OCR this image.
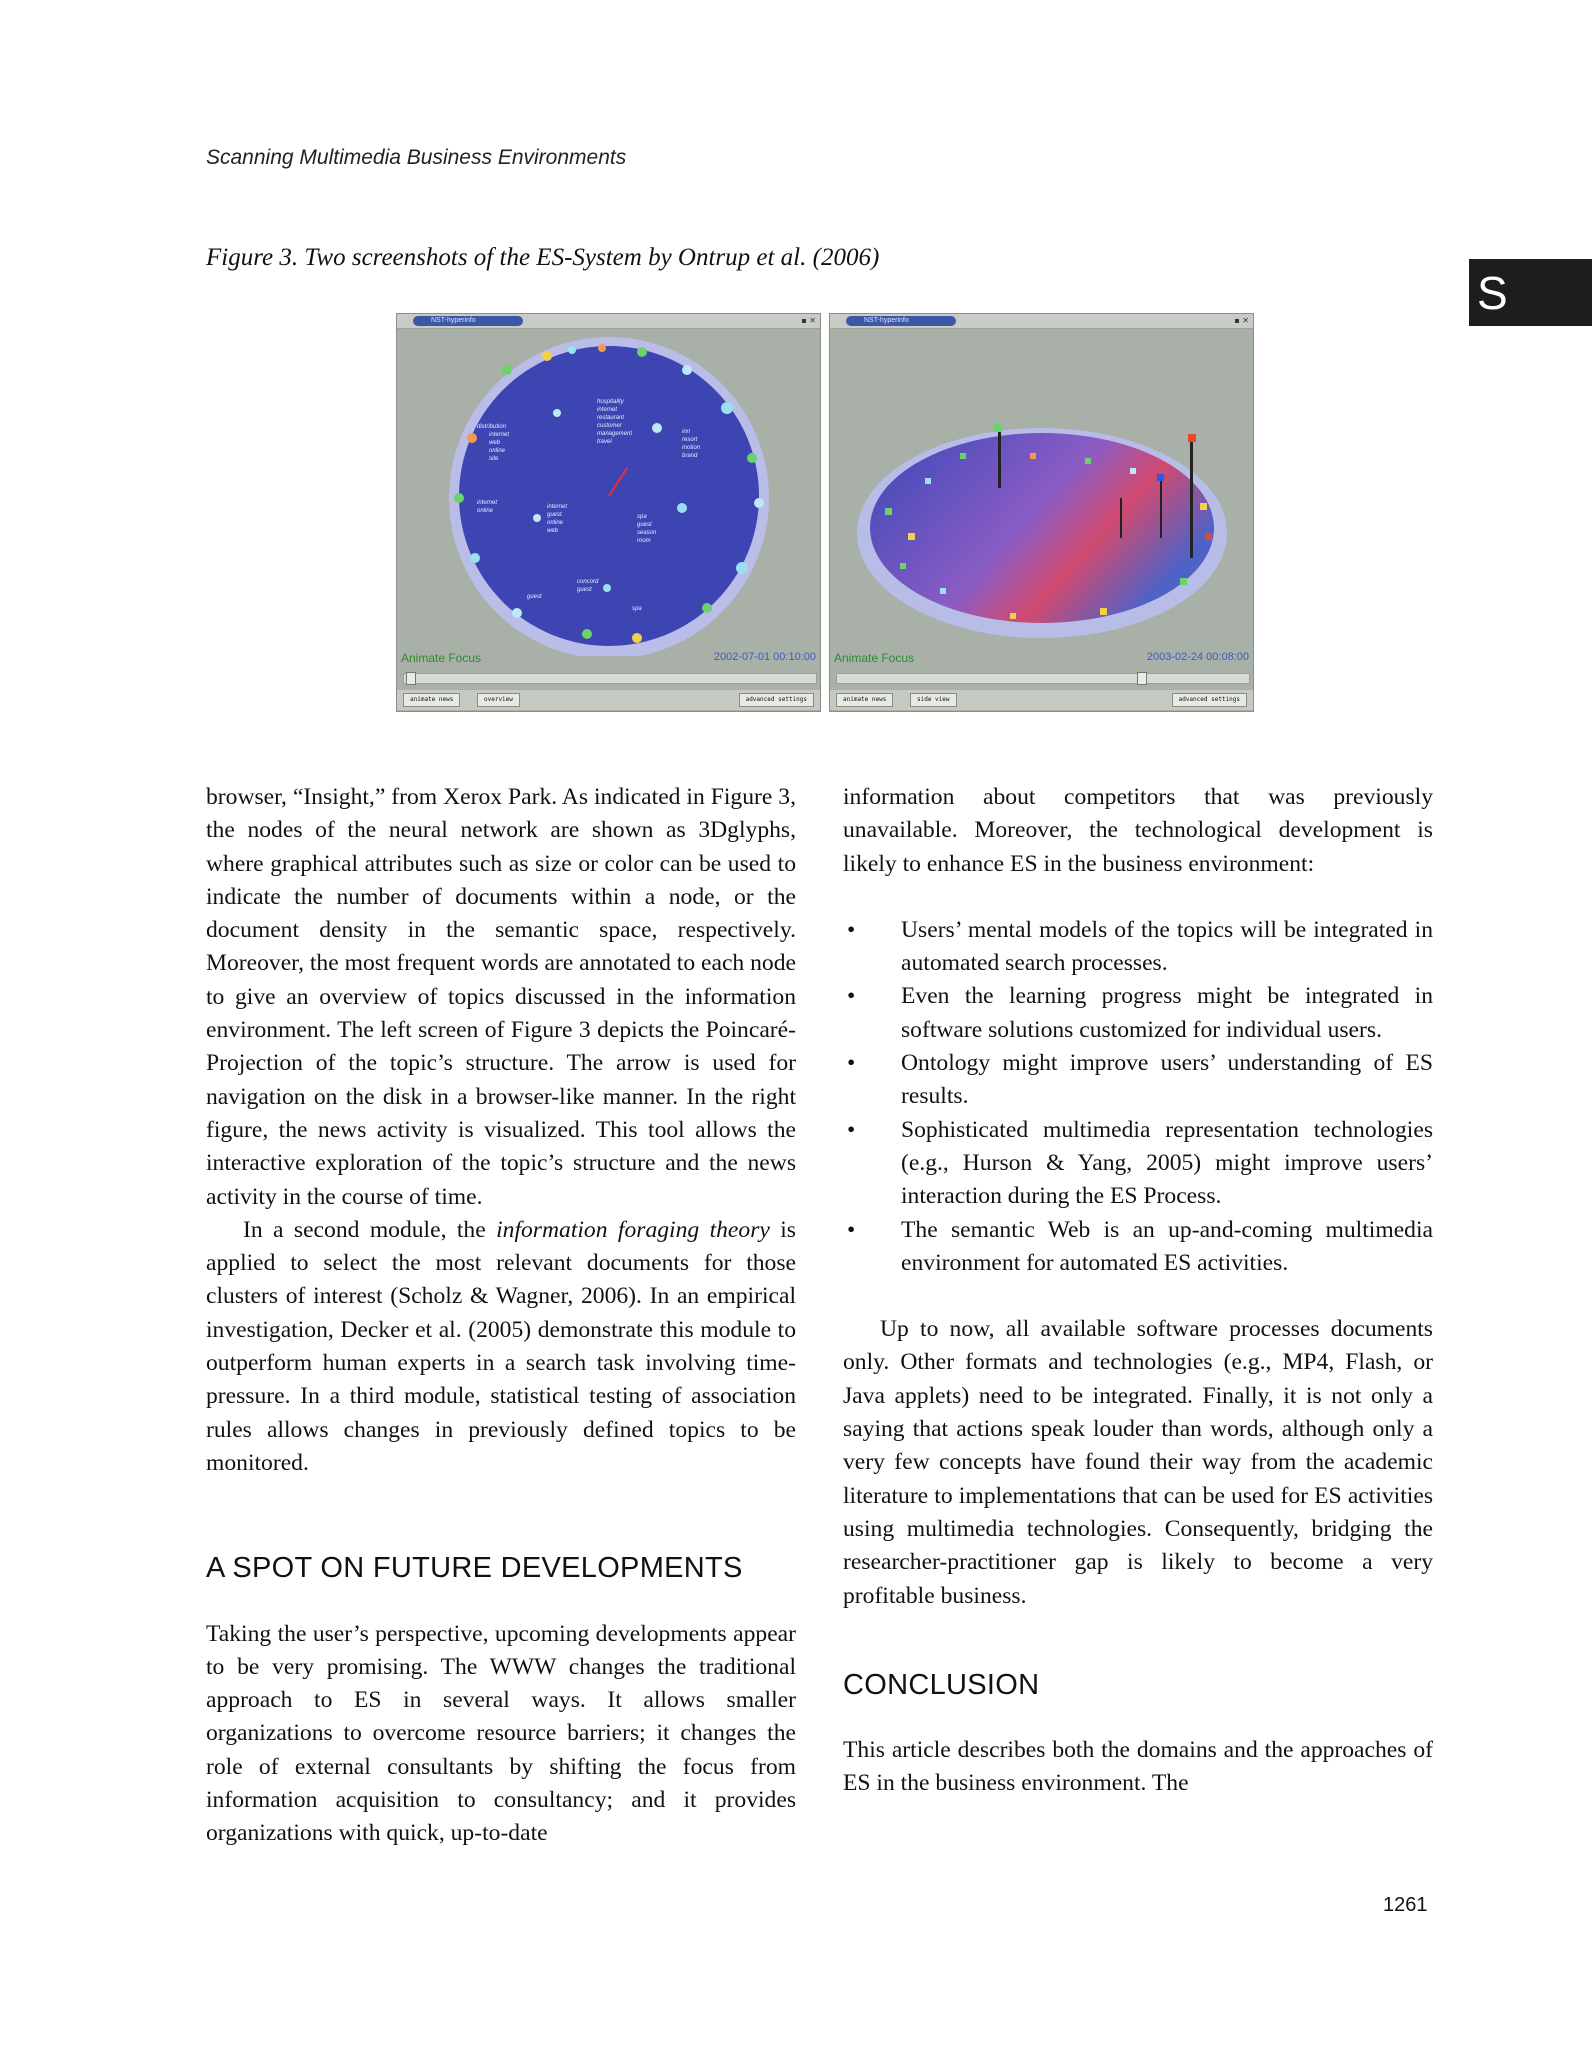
Scanning Multimedia Business Environments
S
Figure 3. Two screenshots of the ES-System by Ontrup et al. (2006)
NST-hyperinfo	▪ ✕
hospitality
internet
restaurant
customer
management
travel
distribution
internet
web
online
site
inn
resort
motion
brand
internet
guest
online
web
spa
guest
season
room
internet
online
concord
guest
spa
guest
Animate Focus	2002-07-01 00:10:00
animate news	overview	advanced settings
NST-hyperinfo	▪ ✕
Animate Focus	2003-02-24 00:08:00
animate news	side view	advanced settings

browser, “Insight,” from Xerox Park. As indicated in Figure 3, the nodes of the neural network are shown as 3Dglyphs, where graphical attributes such as size or color can be used to indicate the number of documents within a node, or the document density in the semantic space, respectively. Moreover, the most frequent words are annotated to each node to give an overview of topics discussed in the information environment. The left screen of Figure 3 depicts the Poincaré-Projection of the topic’s structure. The arrow is used for navigation on the disk in a browser-like manner. In the right figure, the news activity is visualized. This tool allows the interactive exploration of the topic’s structure and the news activity in the course of time.

In a second module, the information foraging theory is applied to select the most relevant documents for those clusters of interest (Scholz & Wagner, 2006). In an empirical investigation, Decker et al. (2005) demonstrate this module to outperform human experts in a search task involving time-pressure. In a third module, statistical testing of association rules allows changes in previously defined topics to be monitored.

A SPOT ON FUTURE DEVELOPMENTS

Taking the user’s perspective, upcoming developments appear to be very promising. The WWW changes the traditional approach to ES in several ways. It allows smaller organizations to overcome resource barriers; it changes the role of external consultants by shifting the focus from information acquisition to consultancy; and it provides organizations with quick, up-to-date

information about competitors that was previously unavailable. Moreover, the technological development is likely to enhance ES in the business environment:

• Users’ mental models of the topics will be integrated in automated search processes.
• Even the learning progress might be integrated in software solutions customized for individual users.
• Ontology might improve users’ understanding of ES results.
• Sophisticated multimedia representation technologies (e.g., Hurson & Yang, 2005) might improve users’ interaction during the ES Process.
• The semantic Web is an up-and-coming multimedia environment for automated ES activities.

Up to now, all available software processes documents only. Other formats and technologies (e.g., MP4, Flash, or Java applets) need to be integrated. Finally, it is not only a saying that actions speak louder than words, although only a very few concepts have found their way from the academic literature to implementations that can be used for ES activities using multimedia technologies. Consequently, bridging the researcher-practitioner gap is likely to become a very profitable business.

CONCLUSION

This article describes both the domains and the approaches of ES in the business environment. The

1261
